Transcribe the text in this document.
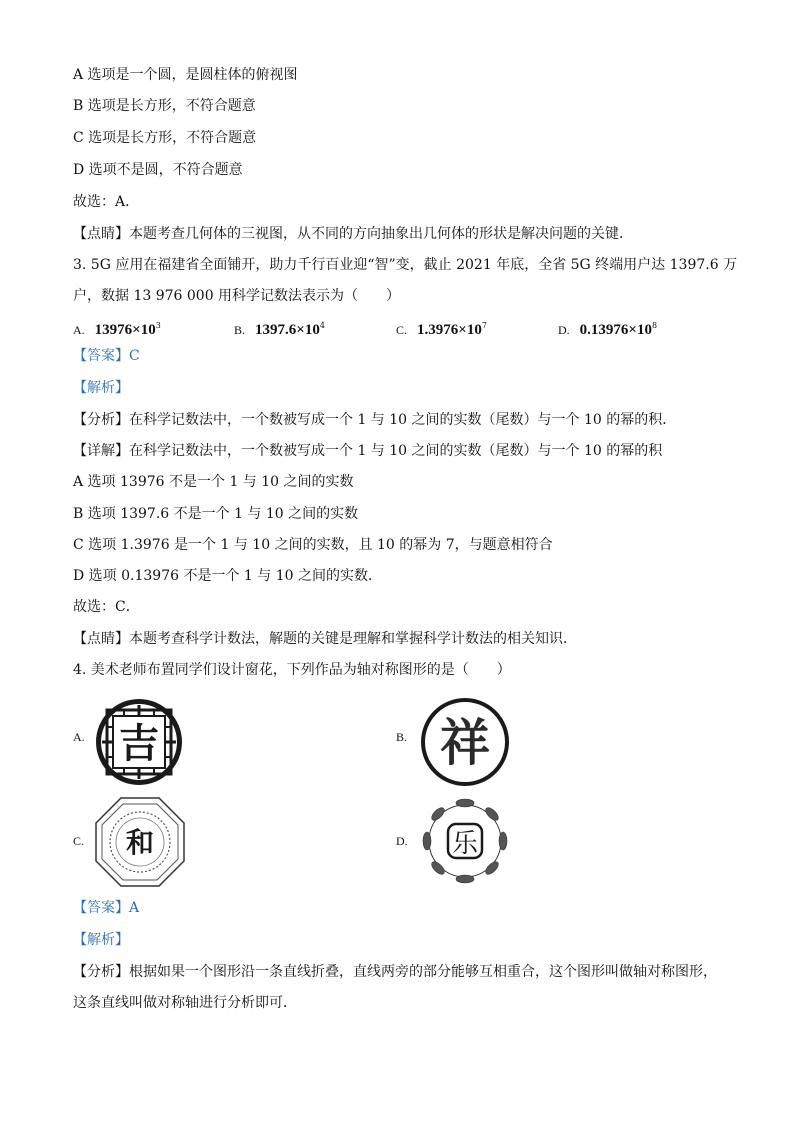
A 选项是一个圆，是圆柱体的俯视图
B 选项是长方形，不符合题意
C 选项是长方形，不符合题意
D 选项不是圆，不符合题意
故选：A．
【点睛】本题考查几何体的三视图，从不同的方向抽象出几何体的形状是解决问题的关键．
3. 5G 应用在福建省全面铺开，助力千行百业迎“智”变，截止 2021 年底，全省 5G 终端用户达 1397.6 万
户，数据 13 976 000 用科学记数法表示为（　　）
A. $13976\times 10^3$	B. $1397.6\times 10^4$	C. $1.3976\times 10^7$	D. $0.13976\times 10^8$
【答案】C
【解析】
【分析】在科学记数法中，一个数被写成一个 1 与 10 之间的实数（尾数）与一个 10 的幂的积．
【详解】在科学记数法中，一个数被写成一个 1 与 10 之间的实数（尾数）与一个 10 的幂的积
A 选项 13976 不是一个 1 与 10 之间的实数
B 选项 1397.6 不是一个 1 与 10 之间的实数
C 选项 1.3976 是一个 1 与 10 之间的实数，且 10 的幂为 7，与题意相符合
D 选项 0.13976 不是一个 1 与 10 之间的实数．
故选：C．
【点睛】本题考查科学计数法，解题的关键是理解和掌握科学计数法的相关知识．
4. 美术老师布置同学们设计窗花，下列作品为轴对称图形的是（　　）
A. 吉	B. 祥
C. 和	D. 乐
【答案】A
【解析】
【分析】根据如果一个图形沿一条直线折叠，直线两旁的部分能够互相重合，这个图形叫做轴对称图形，
这条直线叫做对称轴进行分析即可．
